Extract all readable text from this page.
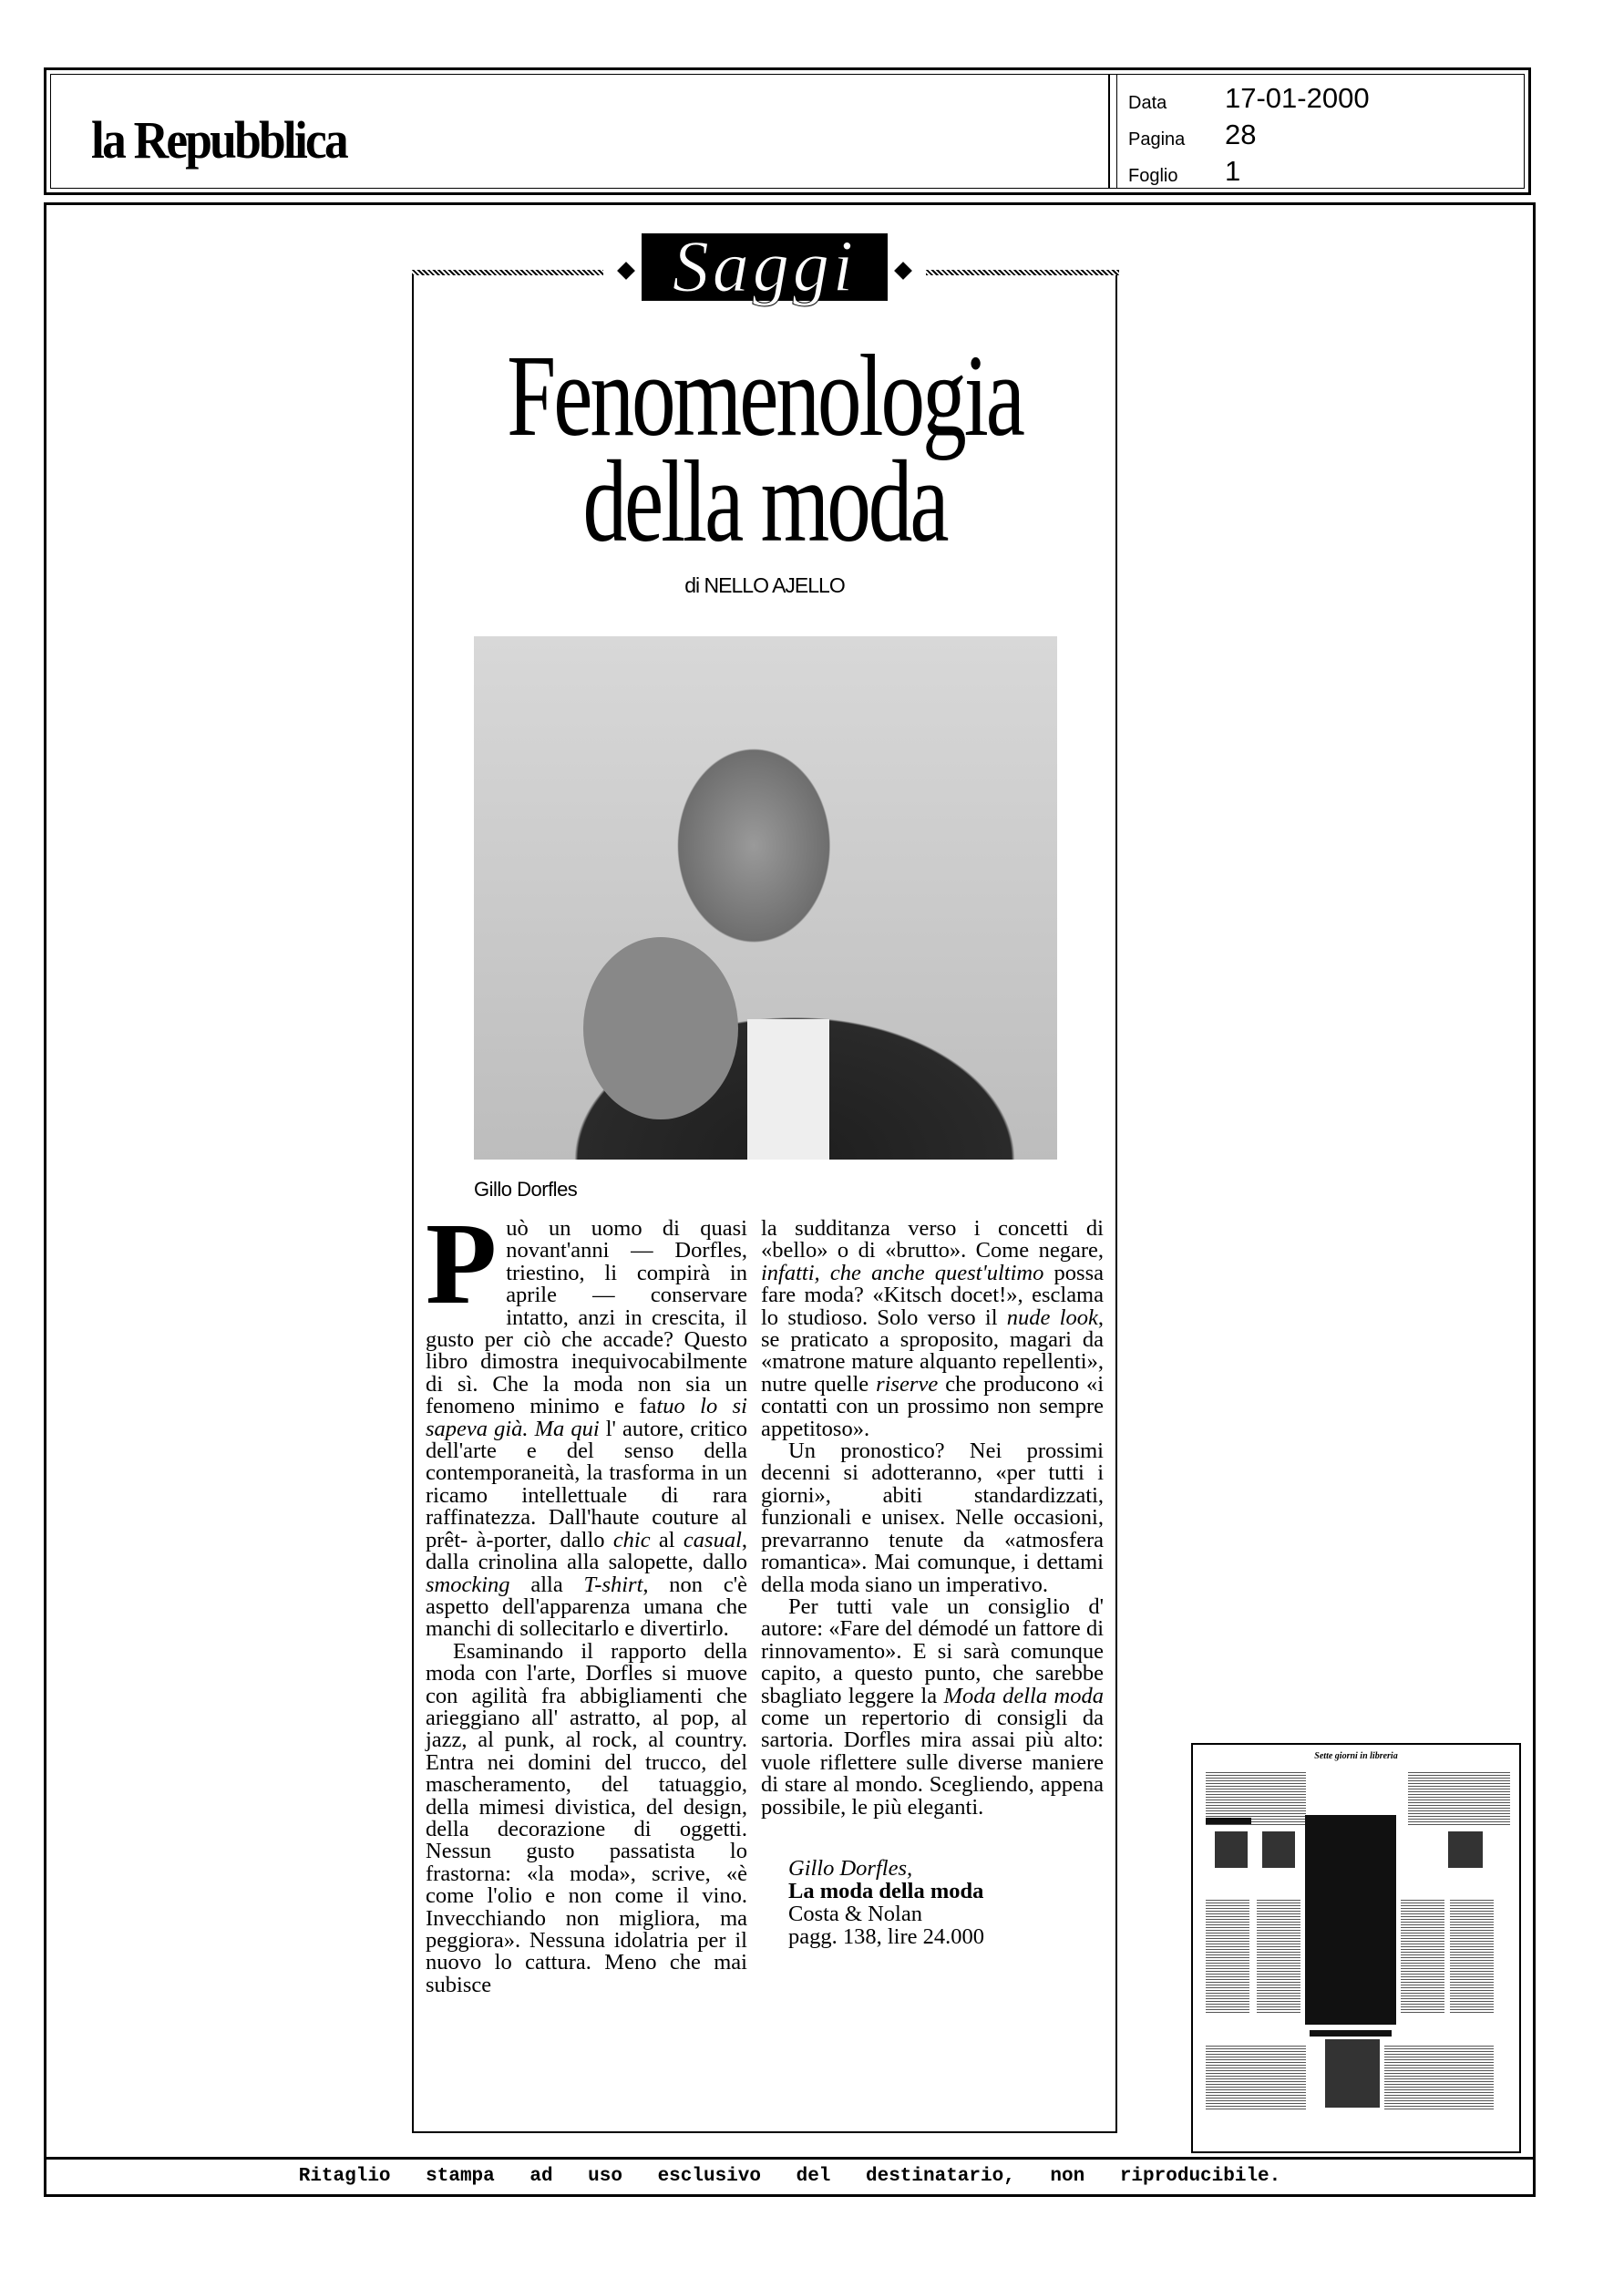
la Repubblica
Data 17-01-2000
Pagina 28
Foglio 1
Saggi
Fenomenologia
della moda
di NELLO AJELLO
Gillo Dorfles

Può un uomo di quasi novant'anni — Dorfles, triestino, li compirà in aprile — conservare intatto, anzi in crescita, il gusto per ciò che accade? Questo libro dimostra inequivocabilmente di sì. Che la moda non sia un fenomeno minimo e fatuo lo si sapeva già. Ma qui l' autore, critico dell'arte e del senso della contemporaneità, la trasforma in un ricamo intellettuale di rara raffinatezza. Dall'haute couture al prêt- à-porter, dallo chic al casual, dalla crinolina alla salopette, dallo smocking alla T-shirt, non c'è aspetto dell'apparenza umana che manchi di sollecitarlo e divertirlo.

Esaminando il rapporto della moda con l'arte, Dorfles si muove con agilità fra abbigliamenti che arieggiano all' astratto, al pop, al jazz, al punk, al rock, al country. Entra nei domini del trucco, del mascheramento, del tatuaggio, della mimesi divistica, del design, della decorazione di oggetti. Nessun gusto passatista lo frastorna: «la moda», scrive, «è come l'olio e non come il vino. Invecchiando non migliora, ma peggiora». Nessuna idolatria per il nuovo lo cattura. Meno che mai subisce

la sudditanza verso i concetti di «bello» o di «brutto». Come negare, infatti, che anche quest'ultimo possa fare moda? «Kitsch docet!», esclama lo studioso. Solo verso il nude look, se praticato a sproposito, magari da «matrone mature alquanto repellenti», nutre quelle riserve che producono «i contatti con un prossimo non sempre appetitoso».

Un pronostico? Nei prossimi decenni si adotteranno, «per tutti i giorni», abiti standardizzati, funzionali e unisex. Nelle occasioni, prevarranno tenute da «atmosfera romantica». Mai comunque, i dettami della moda siano un imperativo.

Per tutti vale un consiglio d' autore: «Fare del démodé un fattore di rinnovamento». E si sarà comunque capito, a questo punto, che sarebbe sbagliato leggere la Moda della moda come un repertorio di consigli da sartoria. Dorfles mira assai più alto: vuole riflettere sulle diverse maniere di stare al mondo. Scegliendo, appena possibile, le più eleganti.

Gillo Dorfles,
La moda della moda
Costa & Nolan
pagg. 138, lire 24.000
Sette giorni in libreria
Ritaglio stampa ad uso esclusivo del destinatario, non riproducibile.
